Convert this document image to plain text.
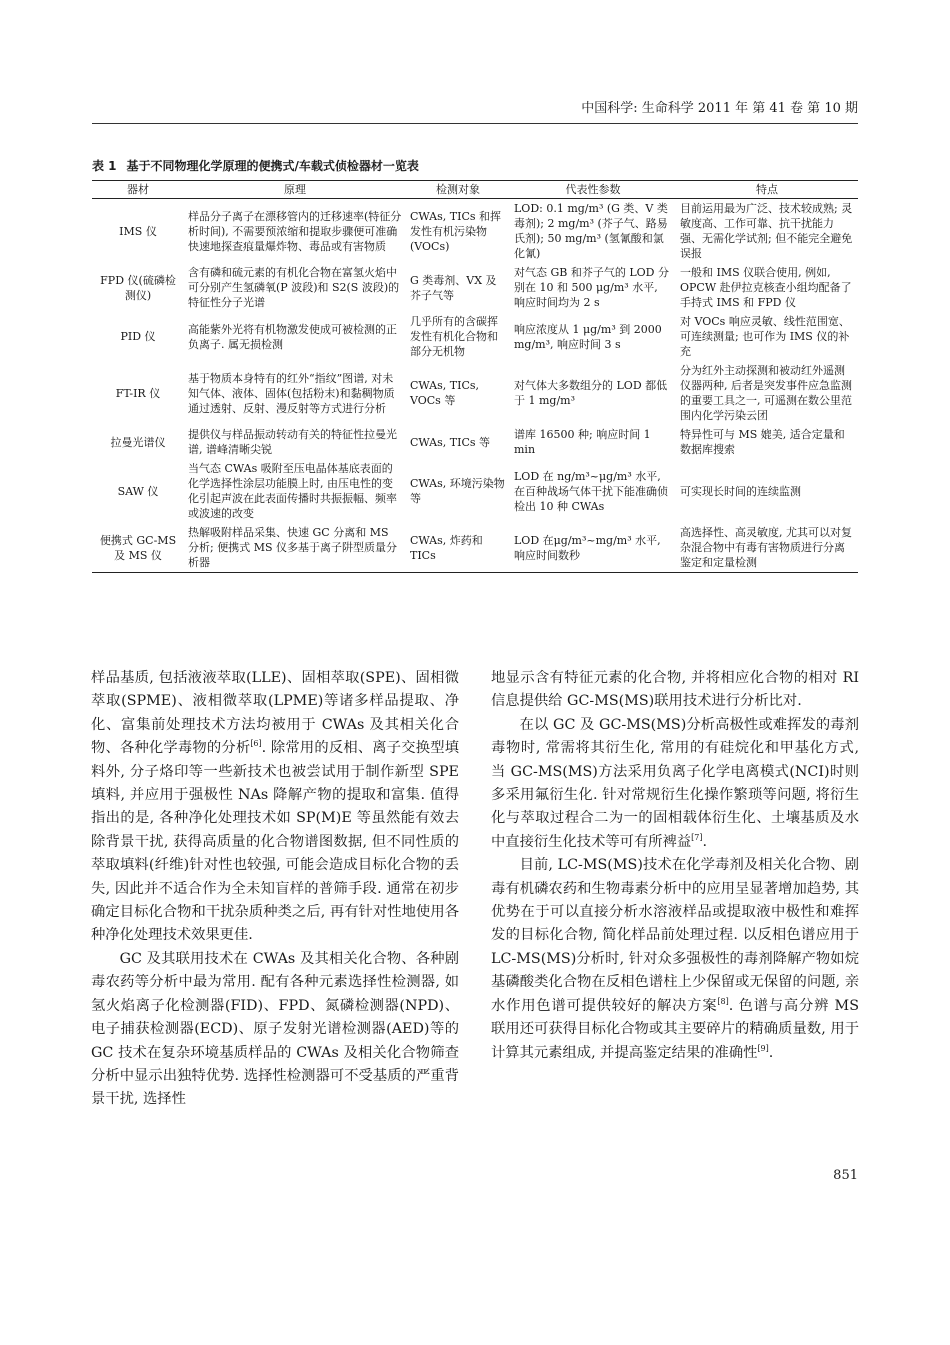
中国科学: 生命科学 2011 年 第 41 卷 第 10 期
表 1 基于不同物理化学原理的便携式/车载式侦检器材一览表
器材	原理	检测对象	代表性参数	特点
IMS 仪	样品分子离子在漂移管内的迁移速率(特征分析时间), 不需要预浓缩和提取步骤便可准确快速地探查痕量爆炸物、毒品或有害物质	CWAs, TICs 和挥发性有机污染物(VOCs)	LOD: 0.1 mg/m³ (G 类、V 类毒剂); 2 mg/m³ (芥子气、路易氏剂); 50 mg/m³ (氢氰酸和氯化氰)	目前运用最为广泛、技术较成熟; 灵敏度高、工作可靠、抗干扰能力强、无需化学试剂; 但不能完全避免误报
FPD 仪(硫磷检测仪)	含有磷和硫元素的有机化合物在富氢火焰中可分别产生氢磷氧(P 波段)和 S2(S 波段)的特征性分子光谱	G 类毒剂、VX 及芥子气等	对气态 GB 和芥子气的 LOD 分别在 10 和 500 μg/m³ 水平, 响应时间均为 2 s	一般和 IMS 仪联合使用, 例如, OPCW 赴伊拉克核查小组均配备了手持式 IMS 和 FPD 仪
PID 仪	高能紫外光将有机物激发使成可被检测的正负离子. 属无损检测	几乎所有的含碳挥发性有机化合物和部分无机物	响应浓度从 1 μg/m³ 到 2000 mg/m³, 响应时间 3 s	对 VOCs 响应灵敏、线性范围宽、可连续测量; 也可作为 IMS 仪的补充
FT-IR 仪	基于物质本身特有的红外“指纹”图谱, 对未知气体、液体、固体(包括粉末)和黏稠物质通过透射、反射、漫反射等方式进行分析	CWAs, TICs, VOCs 等	对气体大多数组分的 LOD 都低于 1 mg/m³	分为红外主动探测和被动红外遥测仪器两种, 后者是突发事件应急监测的重要工具之一, 可遥测在数公里范围内化学污染云团
拉曼光谱仪	提供仪与样品振动转动有关的特征性拉曼光谱, 谱峰清晰尖锐	CWAs, TICs 等	谱库 16500 种; 响应时间 1 min	特异性可与 MS 媲美, 适合定量和数据库搜索
SAW 仪	当气态 CWAs 吸附至压电晶体基底表面的化学选择性涂层功能膜上时, 由压电性的变化引起声波在此表面传播时共振振幅、频率或波速的改变	CWAs, 环境污染物等	LOD 在 ng/m³~μg/m³ 水平, 在百种战场气体干扰下能准确侦检出 10 种 CWAs	可实现长时间的连续监测
便携式 GC-MS 及 MS 仪	热解吸附样品采集、快速 GC 分离和 MS 分析; 便携式 MS 仪多基于离子阱型质量分析器	CWAs, 炸药和 TICs	LOD 在μg/m³~mg/m³ 水平, 响应时间数秒	高选择性、高灵敏度, 尤其可以对复杂混合物中有毒有害物质进行分离鉴定和定量检测

样品基质, 包括液液萃取(LLE)、固相萃取(SPE)、固相微萃取(SPME)、液相微萃取(LPME)等诸多样品提取、净化、富集前处理技术方法均被用于 CWAs 及其相关化合物、各种化学毒物的分析[6]. 除常用的反相、离子交换型填料外, 分子烙印等一些新技术也被尝试用于制作新型 SPE 填料, 并应用于强极性 NAs 降解产物的提取和富集. 值得指出的是, 各种净化处理技术如 SP(M)E 等虽然能有效去除背景干扰, 获得高质量的化合物谱图数据, 但不同性质的萃取填料(纤维)针对性也较强, 可能会造成目标化合物的丢失, 因此并不适合作为全未知盲样的普筛手段. 通常在初步确定目标化合物和干扰杂质种类之后, 再有针对性地使用各种净化处理技术效果更佳.

GC 及其联用技术在 CWAs 及其相关化合物、各种剧毒农药等分析中最为常用. 配有各种元素选择性检测器, 如氢火焰离子化检测器(FID)、FPD、氮磷检测器(NPD)、电子捕获检测器(ECD)、原子发射光谱检测器(AED)等的 GC 技术在复杂环境基质样品的 CWAs 及相关化合物筛查分析中显示出独特优势. 选择性检测器可不受基质的严重背景干扰, 选择性

地显示含有特征元素的化合物, 并将相应化合物的相对 RI 信息提供给 GC-MS(MS)联用技术进行分析比对.

在以 GC 及 GC-MS(MS)分析高极性或难挥发的毒剂毒物时, 常需将其衍生化, 常用的有硅烷化和甲基化方式, 当 GC-MS(MS)方法采用负离子化学电离模式(NCI)时则多采用氟衍生化. 针对常规衍生化操作繁琐等问题, 将衍生化与萃取过程合二为一的固相载体衍生化、土壤基质及水中直接衍生化技术等可有所裨益[7].

目前, LC-MS(MS)技术在化学毒剂及相关化合物、剧毒有机磷农药和生物毒素分析中的应用呈显著增加趋势, 其优势在于可以直接分析水溶液样品或提取液中极性和难挥发的目标化合物, 简化样品前处理过程. 以反相色谱应用于 LC-MS(MS)分析时, 针对众多强极性的毒剂降解产物如烷基磷酸类化合物在反相色谱柱上少保留或无保留的问题, 亲水作用色谱可提供较好的解决方案[8]. 色谱与高分辨 MS 联用还可获得目标化合物或其主要碎片的精确质量数, 用于计算其元素组成, 并提高鉴定结果的准确性[9].

851
